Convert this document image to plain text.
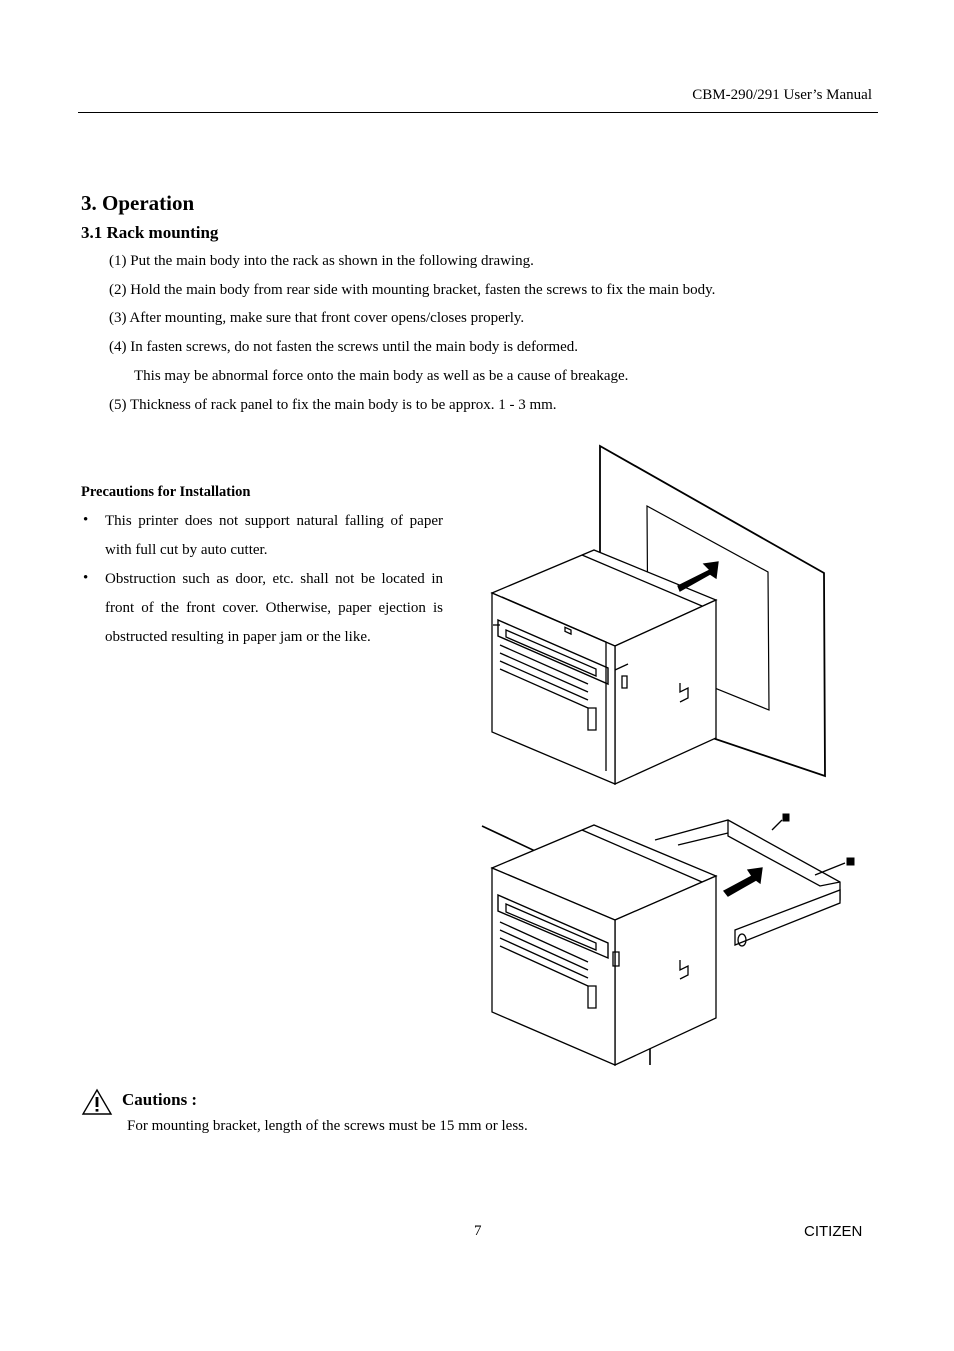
CBM-290/291 User’s Manual
3. Operation
3.1 Rack mounting
(1) Put the main body into the rack as shown in the following drawing.
(2) Hold the main body from rear side with mounting bracket, fasten the screws to fix the main body.
(3) After mounting, make sure that front cover opens/closes properly.
(4) In fasten screws, do not fasten the screws until the main body is deformed.
This may be abnormal force onto the main body as well as be a cause of breakage.
(5) Thickness of rack panel to fix the main body is to be approx. 1 - 3 mm.
Precautions for Installation
• This printer does not support natural falling of paper with full cut by auto cutter.
• Obstruction such as door, etc. shall not be located in front of the front cover. Otherwise, paper ejection is obstructed resulting in paper jam or the like.
Cautions :
For mounting bracket, length of the screws must be 15 mm or less.
7	CITIZEN
